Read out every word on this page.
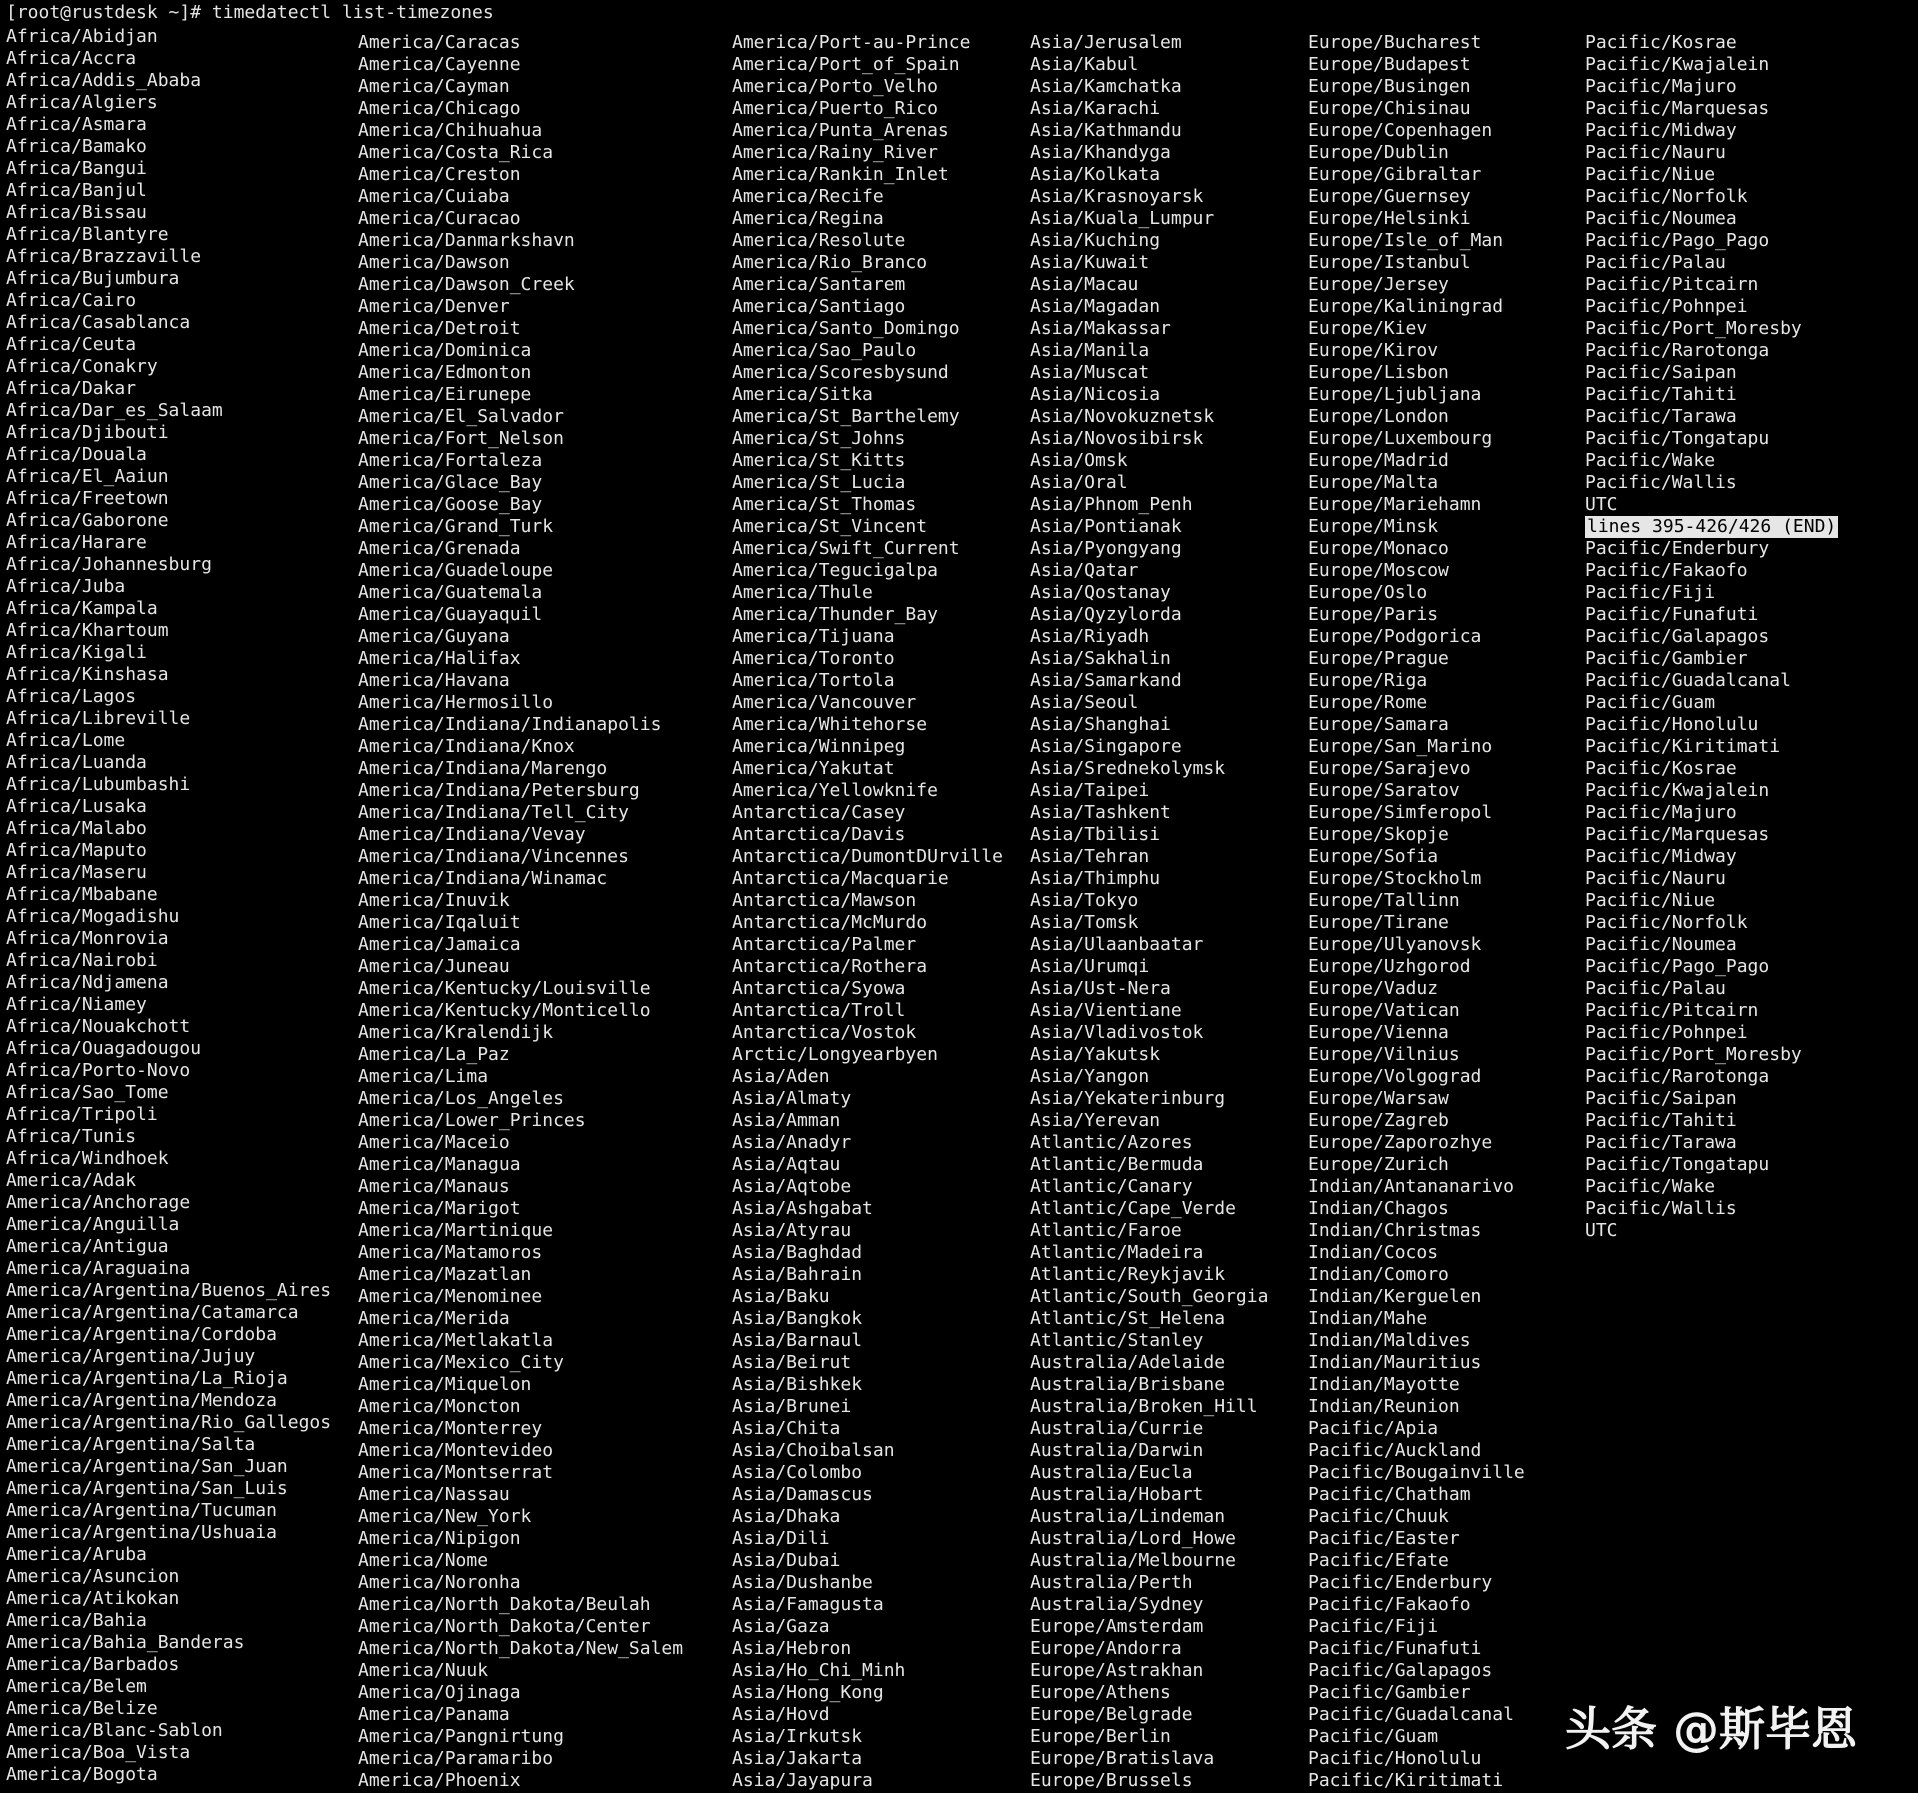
[root@rustdesk ~]# timedatectl list-timezones
Africa/Abidjan
Africa/Accra
Africa/Addis_Ababa
Africa/Algiers
Africa/Asmara
Africa/Bamako
Africa/Bangui
Africa/Banjul
Africa/Bissau
Africa/Blantyre
Africa/Brazzaville
Africa/Bujumbura
Africa/Cairo
Africa/Casablanca
Africa/Ceuta
Africa/Conakry
Africa/Dakar
Africa/Dar_es_Salaam
Africa/Djibouti
Africa/Douala
Africa/El_Aaiun
Africa/Freetown
Africa/Gaborone
Africa/Harare
Africa/Johannesburg
Africa/Juba
Africa/Kampala
Africa/Khartoum
Africa/Kigali
Africa/Kinshasa
Africa/Lagos
Africa/Libreville
Africa/Lome
Africa/Luanda
Africa/Lubumbashi
Africa/Lusaka
Africa/Malabo
Africa/Maputo
Africa/Maseru
Africa/Mbabane
Africa/Mogadishu
Africa/Monrovia
Africa/Nairobi
Africa/Ndjamena
Africa/Niamey
Africa/Nouakchott
Africa/Ouagadougou
Africa/Porto-Novo
Africa/Sao_Tome
Africa/Tripoli
Africa/Tunis
Africa/Windhoek
America/Adak
America/Anchorage
America/Anguilla
America/Antigua
America/Araguaina
America/Argentina/Buenos_Aires
America/Argentina/Catamarca
America/Argentina/Cordoba
America/Argentina/Jujuy
America/Argentina/La_Rioja
America/Argentina/Mendoza
America/Argentina/Rio_Gallegos
America/Argentina/Salta
America/Argentina/San_Juan
America/Argentina/San_Luis
America/Argentina/Tucuman
America/Argentina/Ushuaia
America/Aruba
America/Asuncion
America/Atikokan
America/Bahia
America/Bahia_Banderas
America/Barbados
America/Belem
America/Belize
America/Blanc-Sablon
America/Boa_Vista
America/Bogota
America/Caracas
America/Cayenne
America/Cayman
America/Chicago
America/Chihuahua
America/Costa_Rica
America/Creston
America/Cuiaba
America/Curacao
America/Danmarkshavn
America/Dawson
America/Dawson_Creek
America/Denver
America/Detroit
America/Dominica
America/Edmonton
America/Eirunepe
America/El_Salvador
America/Fort_Nelson
America/Fortaleza
America/Glace_Bay
America/Goose_Bay
America/Grand_Turk
America/Grenada
America/Guadeloupe
America/Guatemala
America/Guayaquil
America/Guyana
America/Halifax
America/Havana
America/Hermosillo
America/Indiana/Indianapolis
America/Indiana/Knox
America/Indiana/Marengo
America/Indiana/Petersburg
America/Indiana/Tell_City
America/Indiana/Vevay
America/Indiana/Vincennes
America/Indiana/Winamac
America/Inuvik
America/Iqaluit
America/Jamaica
America/Juneau
America/Kentucky/Louisville
America/Kentucky/Monticello
America/Kralendijk
America/La_Paz
America/Lima
America/Los_Angeles
America/Lower_Princes
America/Maceio
America/Managua
America/Manaus
America/Marigot
America/Martinique
America/Matamoros
America/Mazatlan
America/Menominee
America/Merida
America/Metlakatla
America/Mexico_City
America/Miquelon
America/Moncton
America/Monterrey
America/Montevideo
America/Montserrat
America/Nassau
America/New_York
America/Nipigon
America/Nome
America/Noronha
America/North_Dakota/Beulah
America/North_Dakota/Center
America/North_Dakota/New_Salem
America/Nuuk
America/Ojinaga
America/Panama
America/Pangnirtung
America/Paramaribo
America/Phoenix
America/Port-au-Prince
America/Port_of_Spain
America/Porto_Velho
America/Puerto_Rico
America/Punta_Arenas
America/Rainy_River
America/Rankin_Inlet
America/Recife
America/Regina
America/Resolute
America/Rio_Branco
America/Santarem
America/Santiago
America/Santo_Domingo
America/Sao_Paulo
America/Scoresbysund
America/Sitka
America/St_Barthelemy
America/St_Johns
America/St_Kitts
America/St_Lucia
America/St_Thomas
America/St_Vincent
America/Swift_Current
America/Tegucigalpa
America/Thule
America/Thunder_Bay
America/Tijuana
America/Toronto
America/Tortola
America/Vancouver
America/Whitehorse
America/Winnipeg
America/Yakutat
America/Yellowknife
Antarctica/Casey
Antarctica/Davis
Antarctica/DumontDUrville
Antarctica/Macquarie
Antarctica/Mawson
Antarctica/McMurdo
Antarctica/Palmer
Antarctica/Rothera
Antarctica/Syowa
Antarctica/Troll
Antarctica/Vostok
Arctic/Longyearbyen
Asia/Aden
Asia/Almaty
Asia/Amman
Asia/Anadyr
Asia/Aqtau
Asia/Aqtobe
Asia/Ashgabat
Asia/Atyrau
Asia/Baghdad
Asia/Bahrain
Asia/Baku
Asia/Bangkok
Asia/Barnaul
Asia/Beirut
Asia/Bishkek
Asia/Brunei
Asia/Chita
Asia/Choibalsan
Asia/Colombo
Asia/Damascus
Asia/Dhaka
Asia/Dili
Asia/Dubai
Asia/Dushanbe
Asia/Famagusta
Asia/Gaza
Asia/Hebron
Asia/Ho_Chi_Minh
Asia/Hong_Kong
Asia/Hovd
Asia/Irkutsk
Asia/Jakarta
Asia/Jayapura
Asia/Jerusalem
Asia/Kabul
Asia/Kamchatka
Asia/Karachi
Asia/Kathmandu
Asia/Khandyga
Asia/Kolkata
Asia/Krasnoyarsk
Asia/Kuala_Lumpur
Asia/Kuching
Asia/Kuwait
Asia/Macau
Asia/Magadan
Asia/Makassar
Asia/Manila
Asia/Muscat
Asia/Nicosia
Asia/Novokuznetsk
Asia/Novosibirsk
Asia/Omsk
Asia/Oral
Asia/Phnom_Penh
Asia/Pontianak
Asia/Pyongyang
Asia/Qatar
Asia/Qostanay
Asia/Qyzylorda
Asia/Riyadh
Asia/Sakhalin
Asia/Samarkand
Asia/Seoul
Asia/Shanghai
Asia/Singapore
Asia/Srednekolymsk
Asia/Taipei
Asia/Tashkent
Asia/Tbilisi
Asia/Tehran
Asia/Thimphu
Asia/Tokyo
Asia/Tomsk
Asia/Ulaanbaatar
Asia/Urumqi
Asia/Ust-Nera
Asia/Vientiane
Asia/Vladivostok
Asia/Yakutsk
Asia/Yangon
Asia/Yekaterinburg
Asia/Yerevan
Atlantic/Azores
Atlantic/Bermuda
Atlantic/Canary
Atlantic/Cape_Verde
Atlantic/Faroe
Atlantic/Madeira
Atlantic/Reykjavik
Atlantic/South_Georgia
Atlantic/St_Helena
Atlantic/Stanley
Australia/Adelaide
Australia/Brisbane
Australia/Broken_Hill
Australia/Currie
Australia/Darwin
Australia/Eucla
Australia/Hobart
Australia/Lindeman
Australia/Lord_Howe
Australia/Melbourne
Australia/Perth
Australia/Sydney
Europe/Amsterdam
Europe/Andorra
Europe/Astrakhan
Europe/Athens
Europe/Belgrade
Europe/Berlin
Europe/Bratislava
Europe/Brussels
Europe/Bucharest
Europe/Budapest
Europe/Busingen
Europe/Chisinau
Europe/Copenhagen
Europe/Dublin
Europe/Gibraltar
Europe/Guernsey
Europe/Helsinki
Europe/Isle_of_Man
Europe/Istanbul
Europe/Jersey
Europe/Kaliningrad
Europe/Kiev
Europe/Kirov
Europe/Lisbon
Europe/Ljubljana
Europe/London
Europe/Luxembourg
Europe/Madrid
Europe/Malta
Europe/Mariehamn
Europe/Minsk
Europe/Monaco
Europe/Moscow
Europe/Oslo
Europe/Paris
Europe/Podgorica
Europe/Prague
Europe/Riga
Europe/Rome
Europe/Samara
Europe/San_Marino
Europe/Sarajevo
Europe/Saratov
Europe/Simferopol
Europe/Skopje
Europe/Sofia
Europe/Stockholm
Europe/Tallinn
Europe/Tirane
Europe/Ulyanovsk
Europe/Uzhgorod
Europe/Vaduz
Europe/Vatican
Europe/Vienna
Europe/Vilnius
Europe/Volgograd
Europe/Warsaw
Europe/Zagreb
Europe/Zaporozhye
Europe/Zurich
Indian/Antananarivo
Indian/Chagos
Indian/Christmas
Indian/Cocos
Indian/Comoro
Indian/Kerguelen
Indian/Mahe
Indian/Maldives
Indian/Mauritius
Indian/Mayotte
Indian/Reunion
Pacific/Apia
Pacific/Auckland
Pacific/Bougainville
Pacific/Chatham
Pacific/Chuuk
Pacific/Easter
Pacific/Efate
Pacific/Enderbury
Pacific/Fakaofo
Pacific/Fiji
Pacific/Funafuti
Pacific/Galapagos
Pacific/Gambier
Pacific/Guadalcanal
Pacific/Guam
Pacific/Honolulu
Pacific/Kiritimati
Pacific/Kosrae
Pacific/Kwajalein
Pacific/Majuro
Pacific/Marquesas
Pacific/Midway
Pacific/Nauru
Pacific/Niue
Pacific/Norfolk
Pacific/Noumea
Pacific/Pago_Pago
Pacific/Palau
Pacific/Pitcairn
Pacific/Pohnpei
Pacific/Port_Moresby
Pacific/Rarotonga
Pacific/Saipan
Pacific/Tahiti
Pacific/Tarawa
Pacific/Tongatapu
Pacific/Wake
Pacific/Wallis
UTC
lines 395-426/426 (END)
Pacific/Enderbury
Pacific/Fakaofo
Pacific/Fiji
Pacific/Funafuti
Pacific/Galapagos
Pacific/Gambier
Pacific/Guadalcanal
Pacific/Guam
Pacific/Honolulu
Pacific/Kiritimati
Pacific/Kosrae
Pacific/Kwajalein
Pacific/Majuro
Pacific/Marquesas
Pacific/Midway
Pacific/Nauru
Pacific/Niue
Pacific/Norfolk
Pacific/Noumea
Pacific/Pago_Pago
Pacific/Palau
Pacific/Pitcairn
Pacific/Pohnpei
Pacific/Port_Moresby
Pacific/Rarotonga
Pacific/Saipan
Pacific/Tahiti
Pacific/Tarawa
Pacific/Tongatapu
Pacific/Wake
Pacific/Wallis
UTC
头条 @斯毕恩
